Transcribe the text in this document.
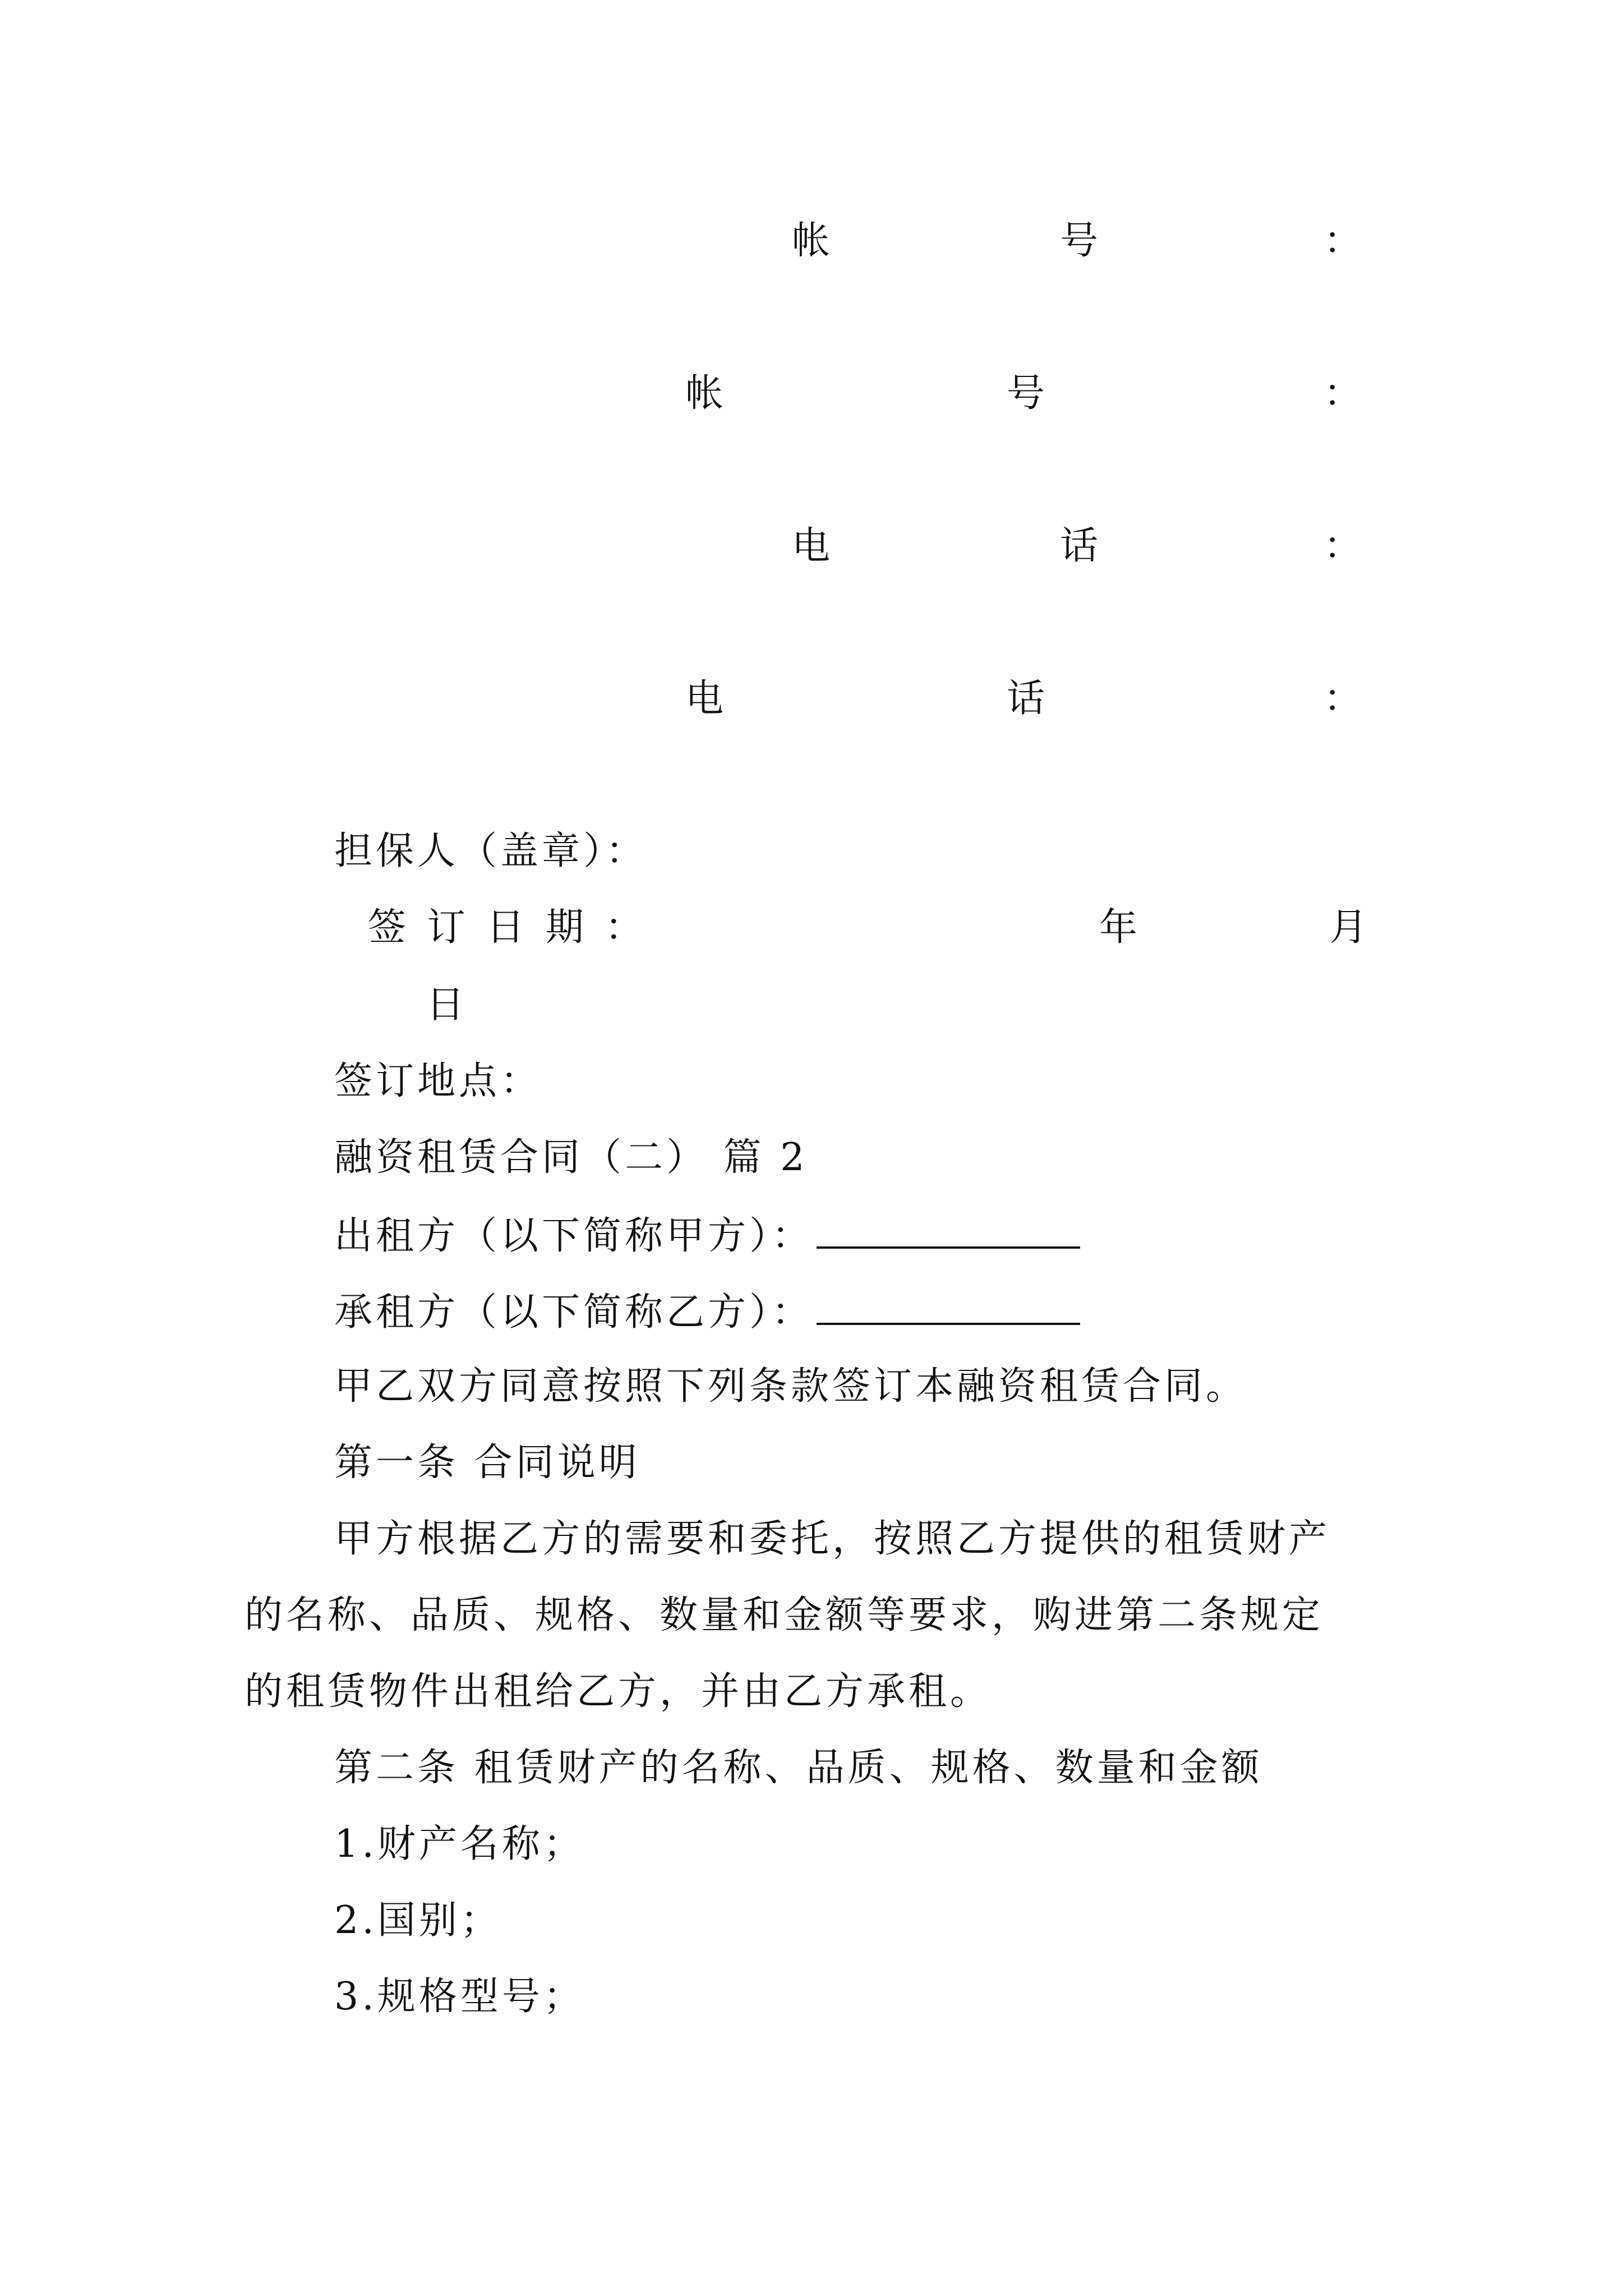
帐	号	：
帐	号	：
电	话	：
电	话	：
担保人（盖章）：
签 订 日 期 ：	年	月
日
签订地点：
融资租赁合同（二） 篇 2
出租方（以下简称甲方）：
承租方（以下简称乙方）：
甲乙双方同意按照下列条款签订本融资租赁合同。
第一条 合同说明
甲方根据乙方的需要和委托，按照乙方提供的租赁财产
的名称、品质、规格、数量和金额等要求，购进第二条规定
的租赁物件出租给乙方，并由乙方承租。
第二条 租赁财产的名称、品质、规格、数量和金额
1.财产名称；
2.国别；
3.规格型号；
